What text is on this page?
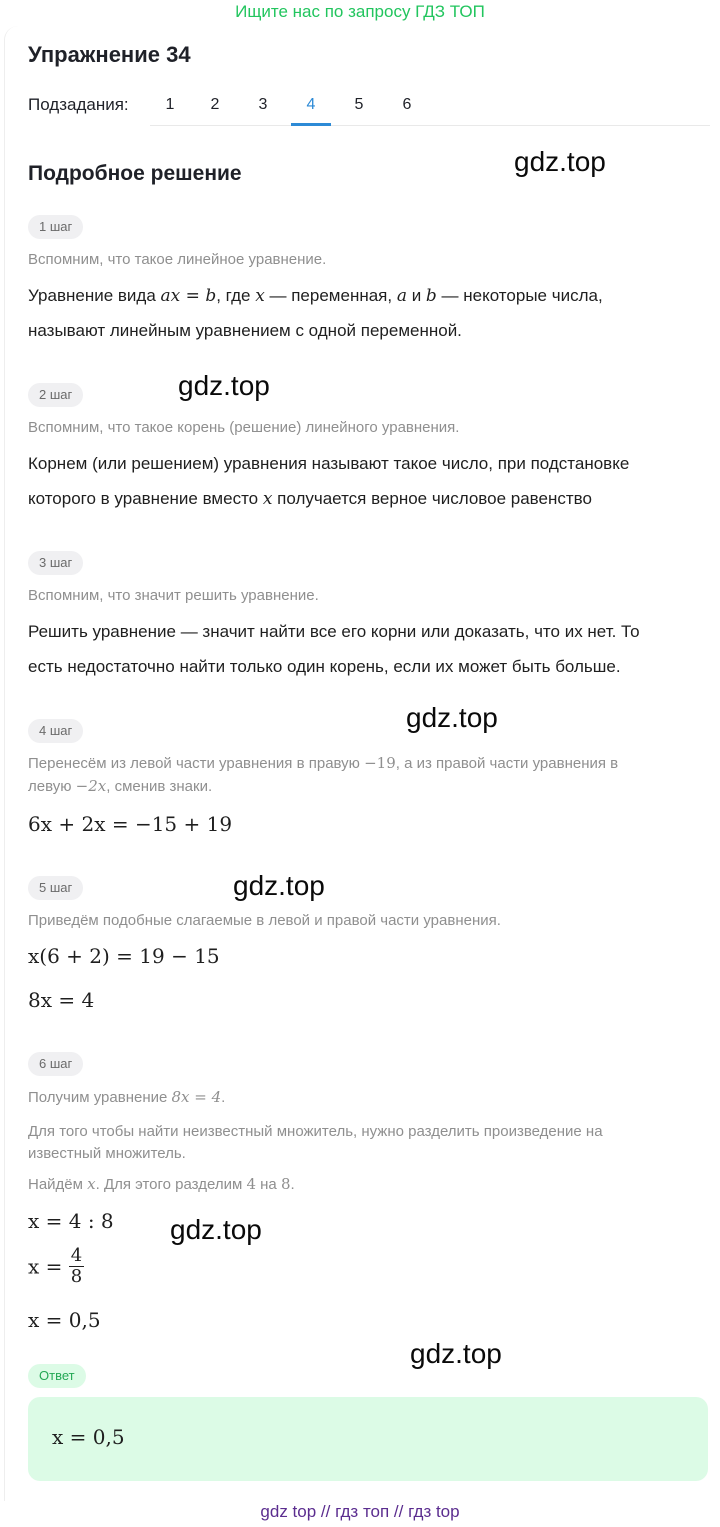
Ищите нас по запросу ГДЗ ТОП
Упражнение 34
Подзадания:	1	2	3	4	5	6
Подробное решение	gdz.top
gdz.top
gdz.top
gdz.top
gdz.top
gdz.top
1 шаг
Вспомним, что такое линейное уравнение.
Уравнение вида ax = b, где x — переменная, a и b — некоторые числа,
называют линейным уравнением с одной переменной.
2 шаг
Вспомним, что такое корень (решение) линейного уравнения.
Корнем (или решением) уравнения называют такое число, при подстановке
которого в уравнение вместо x получается верное числовое равенство
3 шаг
Вспомним, что значит решить уравнение.
Решить уравнение — значит найти все его корни или доказать, что их нет. То
есть недостаточно найти только один корень, если их может быть больше.
4 шаг
Перенесём из левой части уравнения в правую −19, а из правой части уравнения в
левую −2x, сменив знаки.
6x + 2x = −15 + 19
5 шаг
Приведём подобные слагаемые в левой и правой части уравнения.
x(6 + 2) = 19 − 15
8x = 4
6 шаг
Получим уравнение 8x = 4.
Для того чтобы найти неизвестный множитель, нужно разделить произведение на
известный множитель.
Найдём x. Для этого разделим 4 на 8.
x = 4 : 8
$x = \frac{4}{8}$
x = 0,5
Ответ
x = 0,5
gdz top // гдз топ // гдз top
